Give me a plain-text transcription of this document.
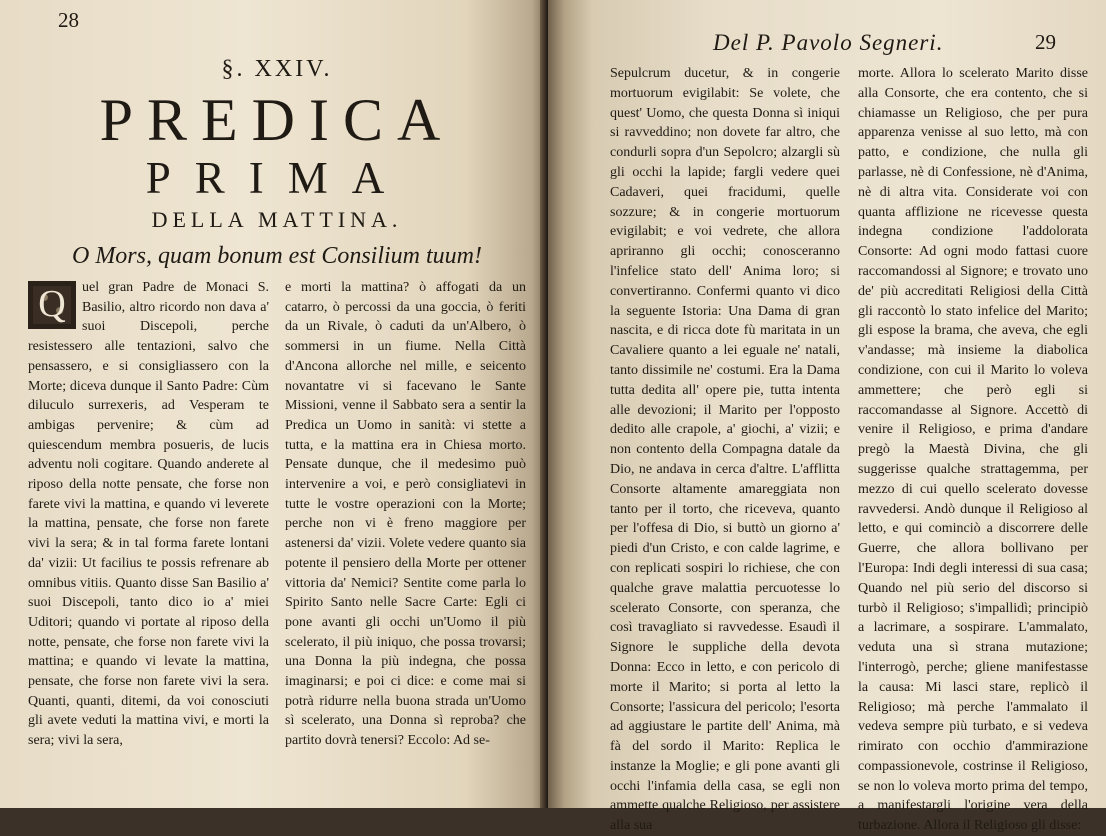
28
§. XXIV.
PREDICA
PRIMA
DELLA MATTINA.
O Mors, quam bonum est Consilium tuum!
Q	uel gran Padre de Monaci S. Basilio, altro ricordo non dava a' suoi Discepoli, perche resistessero alle tentazioni, salvo che pensassero, e si consigliassero con la Morte; diceva dunque il Santo Padre: Cùm diluculo surrexeris, ad Vesperam te ambigas pervenire; & cùm ad quiescendum membra posueris, de lucis adventu noli cogitare. Quando anderete al riposo della notte pensate, che forse non farete vivi la mattina, e quando vi leverete la mattina, pensate, che forse non farete vivi la sera; & in tal forma farete lontani da' vizii: Ut facilius te possis refrenare ab omnibus vitiis. Quanto disse San Basilio a' suoi Discepoli, tanto dico io a' miei Uditori; quando vi portate al riposo della notte, pensate, che forse non farete vivi la mattina; e quando vi levate la mattina, pensate, che forse non farete vivi la sera. Quanti, quanti, ditemi, da voi conosciuti gli avete veduti la mattina vivi, e morti la sera; vivi la sera,

e morti la mattina? ò affogati da un catarro, ò percossi da una goccia, ò feriti da un Rivale, ò caduti da un'Albero, ò sommersi in un fiume. Nella Città d'Ancona allorche nel mille, e seicento novantatre vi si facevano le Sante Missioni, venne il Sabbato sera a sentir la Predica un Uomo in sanità: vi stette a tutta, e la mattina era in Chiesa morto. Pensate dunque, che il medesimo può intervenire a voi, e però consigliatevi in tutte le vostre operazioni con la Morte; perche non vi è freno maggiore per astenersi da' vizii. Volete vedere quanto sia potente il pensiero della Morte per ottener vittoria da' Nemici? Sentite come parla lo Spirito Santo nelle Sacre Carte: Egli ci pone avanti gli occhi un'Uomo il più scelerato, il più iniquo, che possa trovarsi; una Donna la più indegna, che possa imaginarsi; e poi ci dice: e come mai si potrà ridurre nella buona strada un'Uomo sì scelerato, una Donna sì reproba? che partito dovrà tenersi? Eccolo: Ad se-

Del P. Pavolo Segneri.	29

Sepulcrum ducetur, & in congerie mortuorum evigilabit: Se volete, che quest' Uomo, che questa Donna sì iniqui si ravveddino; non dovete far altro, che condurli sopra d'un Sepolcro; alzargli sù gli occhi la lapide; fargli vedere quei Cadaveri, quei fracidumi, quelle sozzure; & in congerie mortuorum evigilabit; e voi vedrete, che allora apriranno gli occhi; conosceranno l'infelice stato dell' Anima loro; si convertiranno. Confermi quanto vi dico la seguente Istoria: Una Dama di gran nascita, e di ricca dote fù maritata in un Cavaliere quanto a lei eguale ne' natali, tanto dissimile ne' costumi. Era la Dama tutta dedita all' opere pie, tutta intenta alle devozioni; il Marito per l'opposto dedito alle crapole, a' giochi, a' vizii; e non contento della Compagna datale da Dio, ne andava in cerca d'altre. L'afflitta Consorte altamente amareggiata non tanto per il torto, che riceveva, quanto per l'offesa di Dio, si buttò un giorno a' piedi d'un Cristo, e con calde lagrime, e con replicati sospiri lo richiese, che con qualche grave malattia percuotesse lo scelerato Consorte, con speranza, che così travagliato si ravvedesse. Esaudì il Signore le suppliche della devota Donna: Ecco in letto, e con pericolo di morte il Marito; si porta al letto la Consorte; l'assicura del pericolo; l'esorta ad aggiustare le partite dell' Anima, mà fà del sordo il Marito: Replica le instanze la Moglie; e gli pone avanti gli occhi l'infamia della casa, se egli non ammette qualche Religioso, per assistere alla sua

morte. Allora lo scelerato Marito disse alla Consorte, che era contento, che si chiamasse un Religioso, che per pura apparenza venisse al suo letto, mà con patto, e condizione, che nulla gli parlasse, nè di Confessione, nè d'Anima, nè di altra vita. Considerate voi con quanta afflizione ne ricevesse questa indegna condizione l'addolorata Consorte: Ad ogni modo fattasi cuore raccomandossi al Signore; e trovato uno de' più accreditati Religiosi della Città gli raccontò lo stato infelice del Marito; gli espose la brama, che aveva, che egli v'andasse; mà insieme la diabolica condizione, con cui il Marito lo voleva ammettere; che però egli si raccomandasse al Signore. Accettò di venire il Religioso, e prima d'andare pregò la Maestà Divina, che gli suggerisse qualche strattagemma, per mezzo di cui quello scelerato dovesse ravvedersi. Andò dunque il Religioso al letto, e qui cominciò a discorrere delle Guerre, che allora bollivano per l'Europa: Indi degli interessi di sua casa; Quando nel più serio del discorso si turbò il Religioso; s'impallidì; principiò a lacrimare, a sospirare. L'ammalato, veduta una sì strana mutazione; l'interrogò, perche; gliene manifestasse la causa: Mi lasci stare, replicò il Religioso; mà perche l'ammalato il vedeva sempre più turbato, e si vedeva rimirato con occhio d'ammirazione compassionevole, costrinse il Religioso, se non lo voleva morto prima del tempo, a manifestargli l'origine vera della turbazione. Allora il Religioso gli disse:
